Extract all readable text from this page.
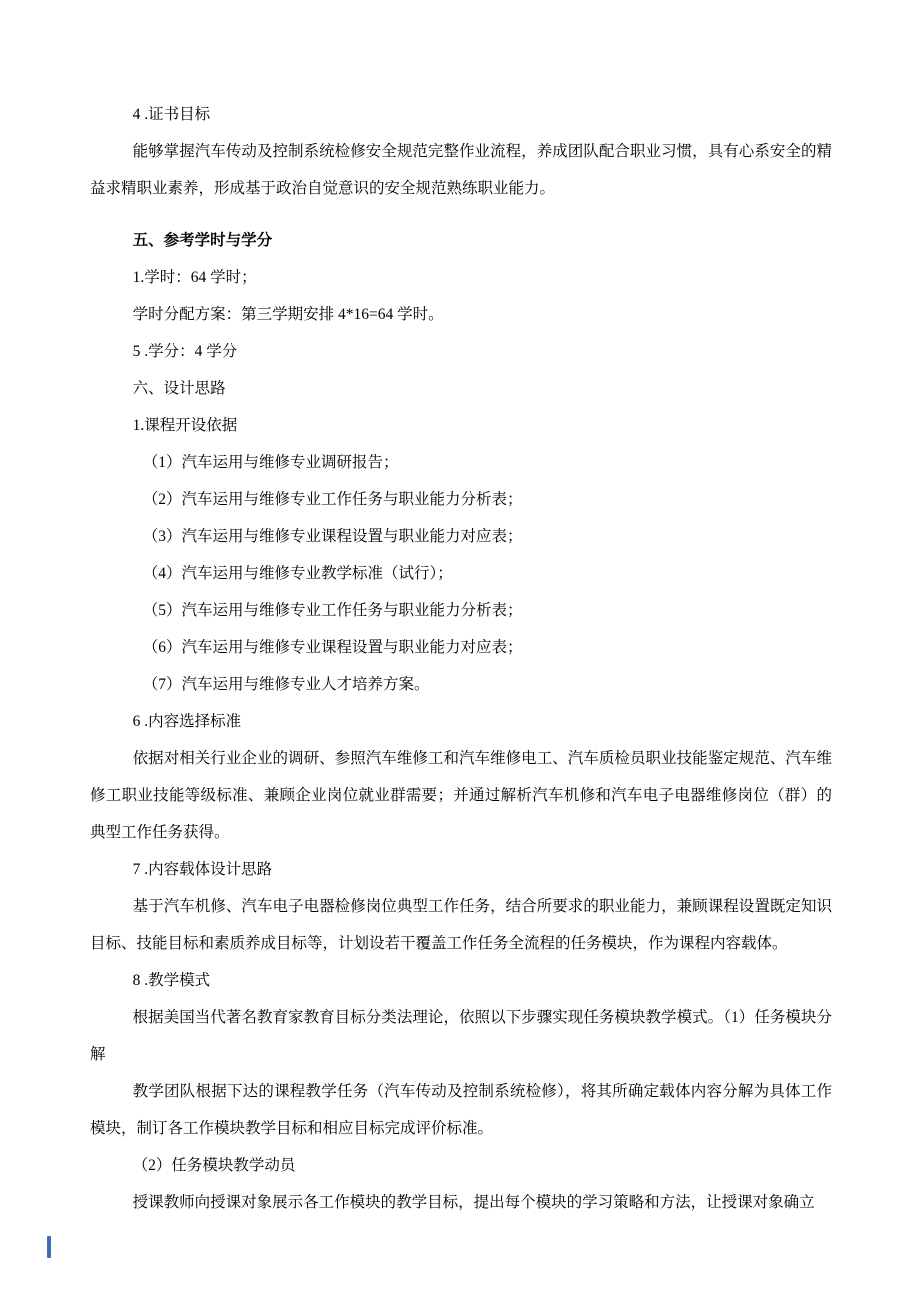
4 .证书目标

能够掌握汽车传动及控制系统检修安全规范完整作业流程，养成团队配合职业习惯，具有心系安全的精益求精职业素养，形成基于政治自觉意识的安全规范熟练职业能力。

五、参考学时与学分

1.学时：64 学时；

学时分配方案：第三学期安排 4*16=64 学时。

5 .学分：4 学分

六、设计思路

1.课程开设依据

（1）汽车运用与维修专业调研报告；

（2）汽车运用与维修专业工作任务与职业能力分析表；

（3）汽车运用与维修专业课程设置与职业能力对应表；

（4）汽车运用与维修专业教学标准（试行）；

（5）汽车运用与维修专业工作任务与职业能力分析表；

（6）汽车运用与维修专业课程设置与职业能力对应表；

（7）汽车运用与维修专业人才培养方案。

6 .内容选择标准

依据对相关行业企业的调研、参照汽车维修工和汽车维修电工、汽车质检员职业技能鉴定规范、汽车维修工职业技能等级标准、兼顾企业岗位就业群需要；并通过解析汽车机修和汽车电子电器维修岗位（群）的典型工作任务获得。

7 .内容载体设计思路

基于汽车机修、汽车电子电器检修岗位典型工作任务，结合所要求的职业能力，兼顾课程设置既定知识目标、技能目标和素质养成目标等，计划设若干覆盖工作任务全流程的任务模块，作为课程内容载体。

8 .教学模式

根据美国当代著名教育家教育目标分类法理论，依照以下步骤实现任务模块教学模式。（1）任务模块分解

教学团队根据下达的课程教学任务（汽车传动及控制系统检修），将其所确定载体内容分解为具体工作模块，制订各工作模块教学目标和相应目标完成评价标准。

（2）任务模块教学动员

授课教师向授课对象展示各工作模块的教学目标，提出每个模块的学习策略和方法，让授课对象确立
